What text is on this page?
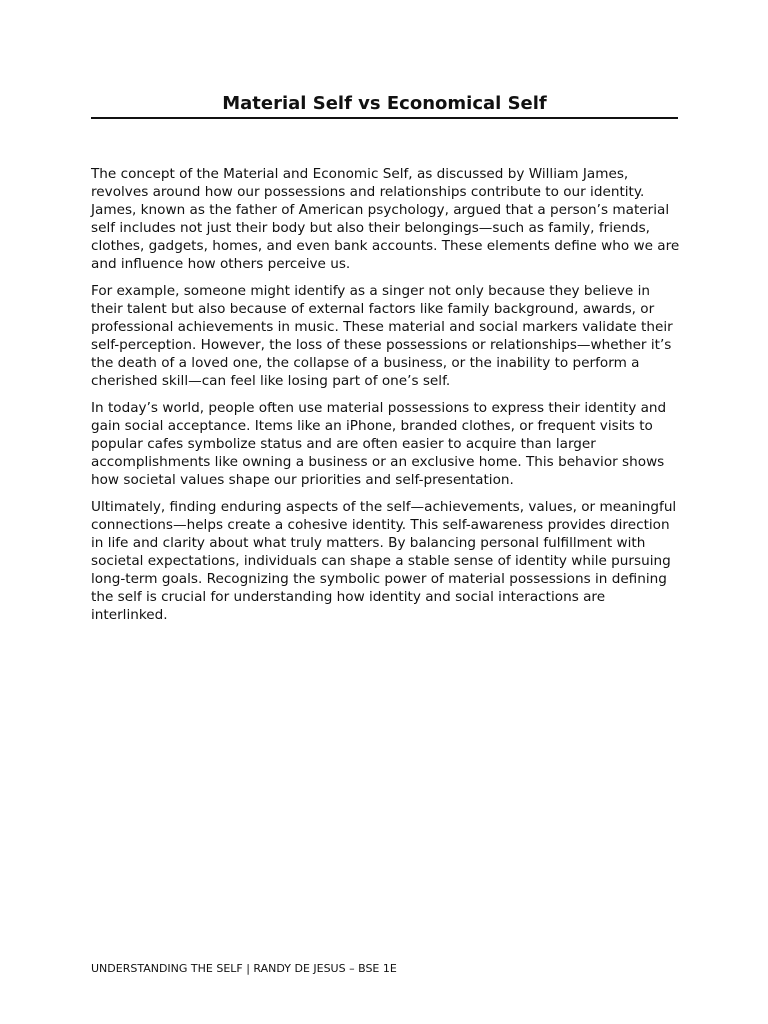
Material Self vs Economical Self

The concept of the Material and Economic Self, as discussed by William James, revolves around how our possessions and relationships contribute to our identity. James, known as the father of American psychology, argued that a person’s material self includes not just their body but also their belongings—such as family, friends, clothes, gadgets, homes, and even bank accounts. These elements define who we are and influence how others perceive us.

For example, someone might identify as a singer not only because they believe in their talent but also because of external factors like family background, awards, or professional achievements in music. These material and social markers validate their self-perception. However, the loss of these possessions or relationships—whether it’s the death of a loved one, the collapse of a business, or the inability to perform a cherished skill—can feel like losing part of one’s self.

In today’s world, people often use material possessions to express their identity and gain social acceptance. Items like an iPhone, branded clothes, or frequent visits to popular cafes symbolize status and are often easier to acquire than larger accomplishments like owning a business or an exclusive home. This behavior shows how societal values shape our priorities and self-presentation.

Ultimately, finding enduring aspects of the self—achievements, values, or meaningful connections—helps create a cohesive identity. This self-awareness provides direction in life and clarity about what truly matters. By balancing personal fulfillment with societal expectations, individuals can shape a stable sense of identity while pursuing long-term goals. Recognizing the symbolic power of material possessions in defining the self is crucial for understanding how identity and social interactions are interlinked.

UNDERSTANDING THE SELF | RANDY DE JESUS – BSE 1E
